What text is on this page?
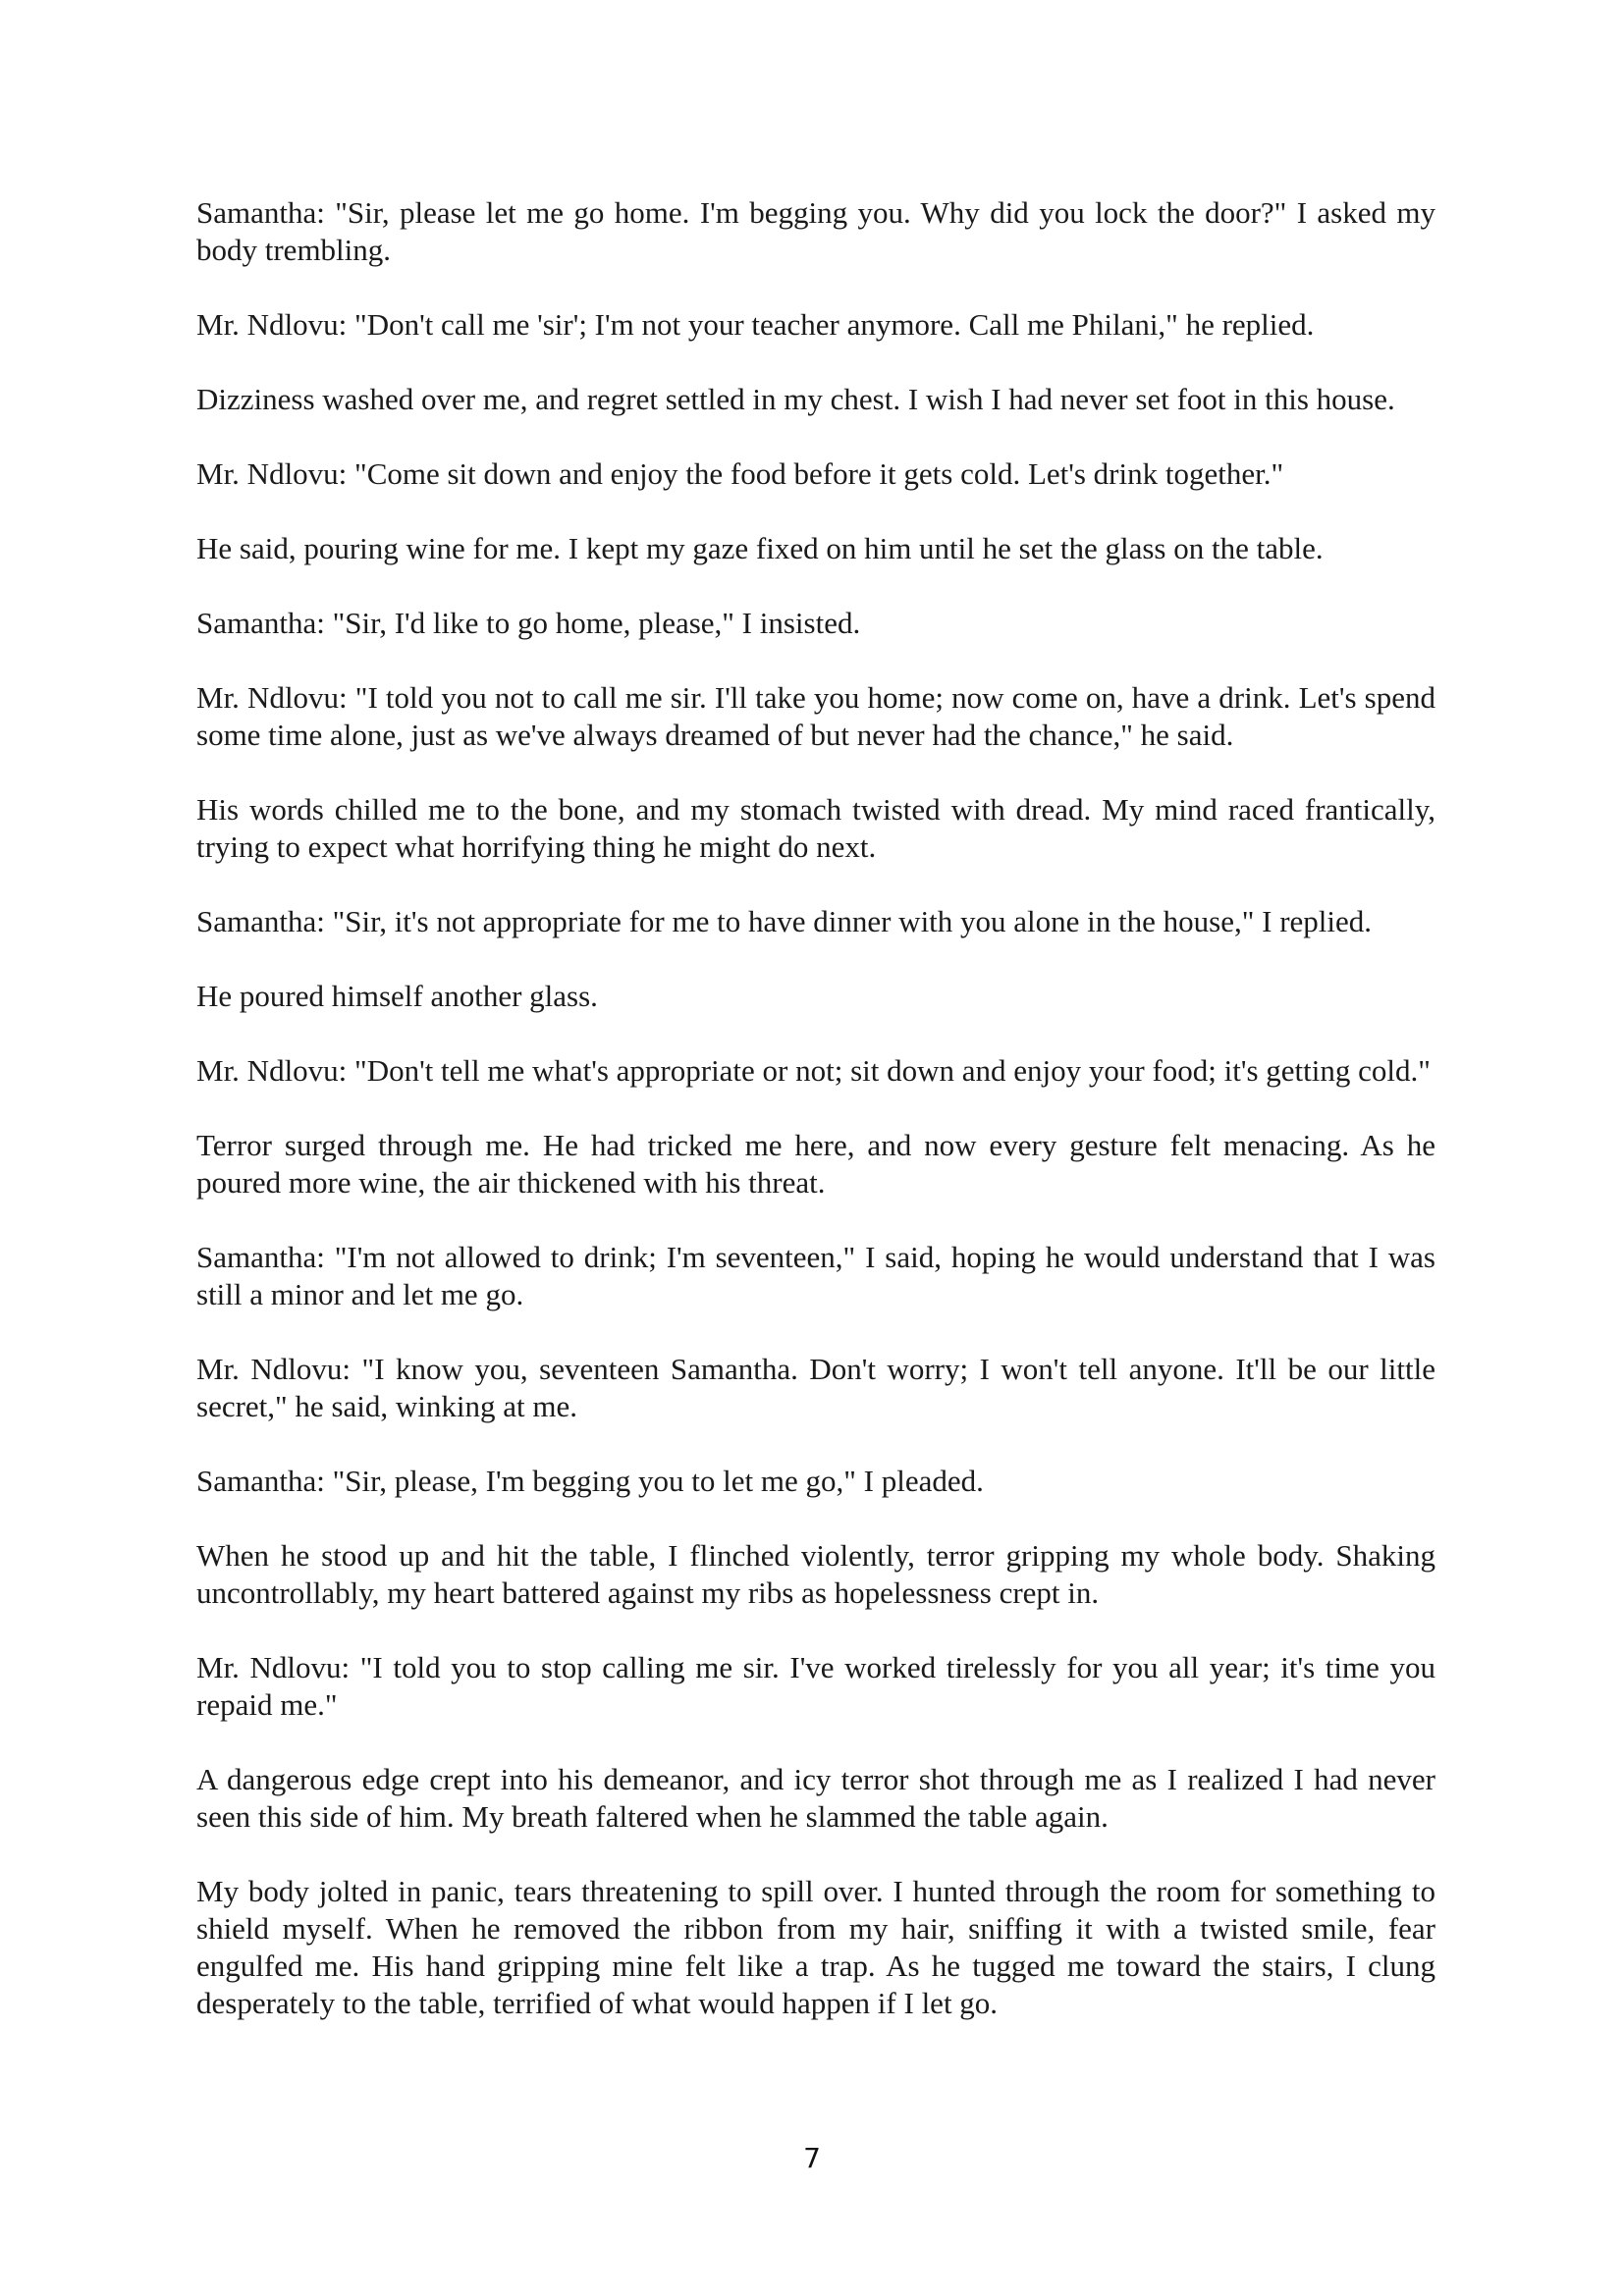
Samantha: "Sir, please let me go home. I'm begging you. Why did you lock the door?" I asked my body trembling.

Mr. Ndlovu: "Don't call me 'sir'; I'm not your teacher anymore. Call me Philani," he replied.

Dizziness washed over me, and regret settled in my chest. I wish I had never set foot in this house.

Mr. Ndlovu: "Come sit down and enjoy the food before it gets cold. Let's drink together."

He said, pouring wine for me. I kept my gaze fixed on him until he set the glass on the table.

Samantha: "Sir, I'd like to go home, please," I insisted.

Mr. Ndlovu: "I told you not to call me sir. I'll take you home; now come on, have a drink. Let's spend some time alone, just as we've always dreamed of but never had the chance," he said.

His words chilled me to the bone, and my stomach twisted with dread. My mind raced frantically, trying to expect what horrifying thing he might do next.

Samantha: "Sir, it's not appropriate for me to have dinner with you alone in the house," I replied.

He poured himself another glass.

Mr. Ndlovu: "Don't tell me what's appropriate or not; sit down and enjoy your food; it's getting cold."

Terror surged through me. He had tricked me here, and now every gesture felt menacing. As he poured more wine, the air thickened with his threat.

Samantha: "I'm not allowed to drink; I'm seventeen," I said, hoping he would understand that I was still a minor and let me go.

Mr. Ndlovu: "I know you, seventeen Samantha. Don't worry; I won't tell anyone. It'll be our little secret," he said, winking at me.

Samantha: "Sir, please, I'm begging you to let me go," I pleaded.

When he stood up and hit the table, I flinched violently, terror gripping my whole body. Shaking uncontrollably, my heart battered against my ribs as hopelessness crept in.

Mr. Ndlovu: "I told you to stop calling me sir. I've worked tirelessly for you all year; it's time you repaid me."

A dangerous edge crept into his demeanor, and icy terror shot through me as I realized I had never seen this side of him. My breath faltered when he slammed the table again.

My body jolted in panic, tears threatening to spill over. I hunted through the room for something to shield myself. When he removed the ribbon from my hair, sniffing it with a twisted smile, fear engulfed me. His hand gripping mine felt like a trap. As he tugged me toward the stairs, I clung desperately to the table, terrified of what would happen if I let go.

7
